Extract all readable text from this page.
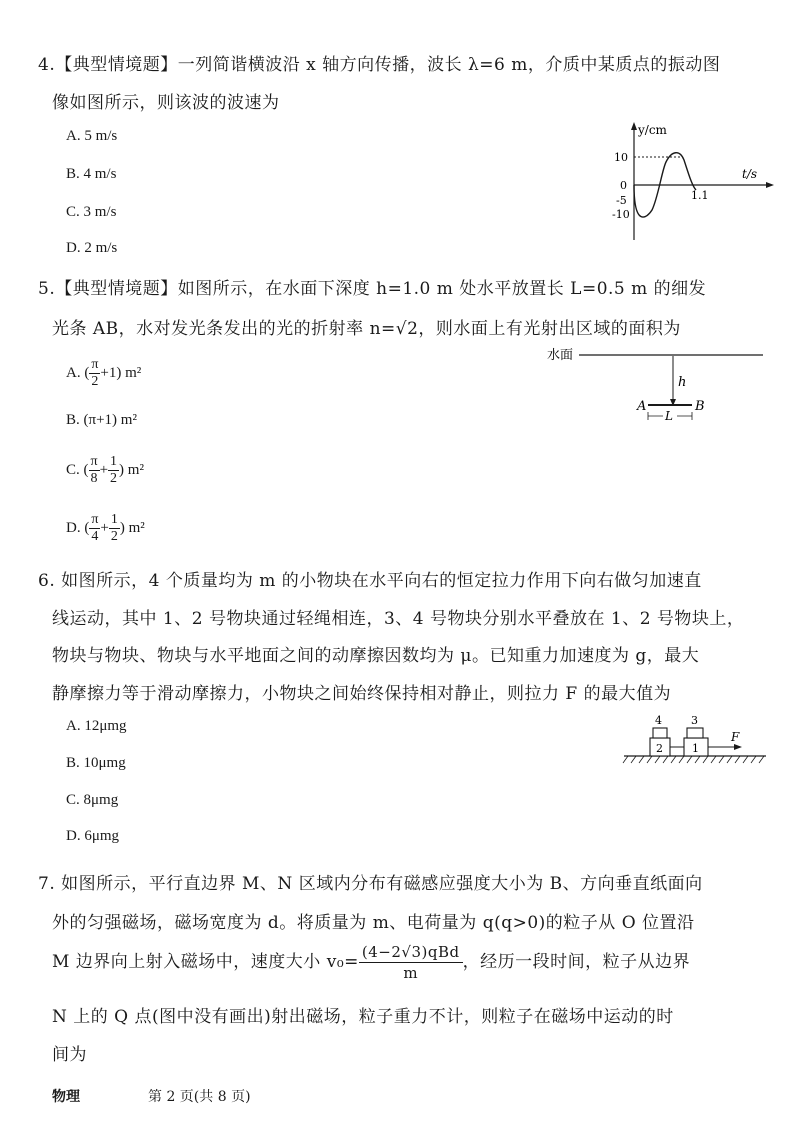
4.【典型情境题】一列简谐横波沿 x 轴方向传播，波长 λ=6 m，介质中某质点的振动图
像如图所示，则该波的波速为
A. 5 m/s
B. 4 m/s
C. 3 m/s
D. 2 m/s
y/cm
t/s
0
10
-5
-10
1.1
5.【典型情境题】如图所示，在水面下深度 h=1.0 m 处水平放置长 L=0.5 m 的细发
光条 AB，水对发光条发出的光的折射率 n=√2，则水面上有光射出区域的面积为
A. ( $\frac{\pi}{2} +1$) m²
B. (π+1) m²
C. ( $\frac{\pi}{8} + \frac{1}{2}$ ) m²
D. ( $\frac{\pi}{4} + \frac{1}{2}$ ) m²
水面
h
A	B
L
6. 如图所示，4 个质量均为 m 的小物块在水平向右的恒定拉力作用下向右做匀加速直
线运动，其中 1、2 号物块通过轻绳相连，3、4 号物块分别水平叠放在 1、2 号物块上，
物块与物块、物块与水平地面之间的动摩擦因数均为 μ。已知重力加速度为 g，最大
静摩擦力等于滑动摩擦力，小物块之间始终保持相对静止，则拉力 F 的最大值为
A. 12μmg
B. 10μmg
C. 8μmg
D. 6μmg
4	3
2	1
F
7. 如图所示，平行直边界 M、N 区域内分布有磁感应强度大小为 B、方向垂直纸面向
外的匀强磁场，磁场宽度为 d。将质量为 m、电荷量为 q(q>0)的粒子从 O 位置沿
M 边界向上射入磁场中，速度大小 $v_0= \frac{\text{(4−2√3)qBd}}{m}$ ，经历一段时间，粒子从边界
N 上的 Q 点(图中没有画出)射出磁场，粒子重力不计，则粒子在磁场中运动的时
间为
物理	第 2 页(共 8 页)
